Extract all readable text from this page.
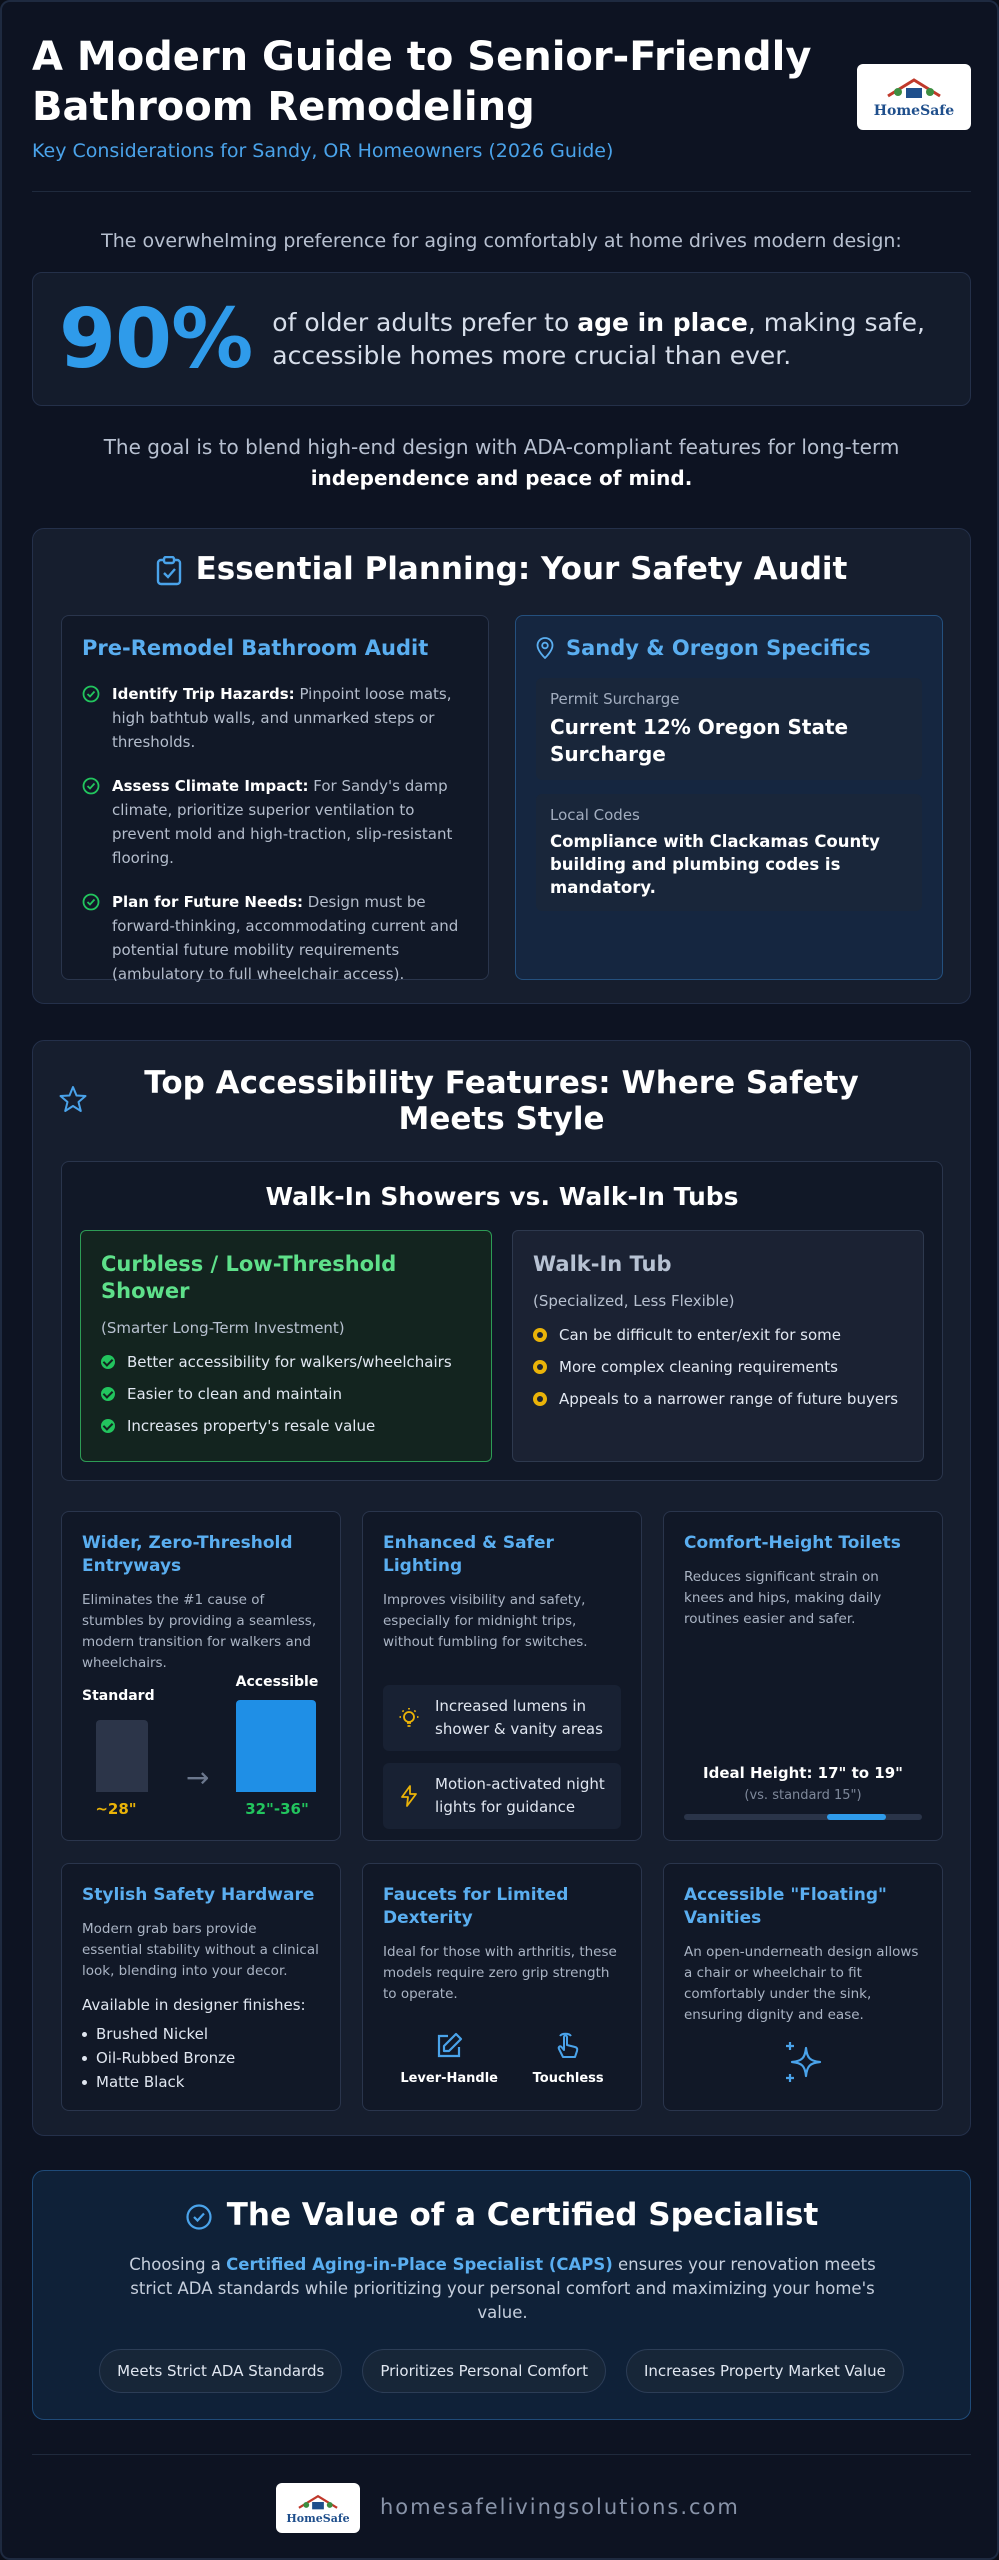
A Modern Guide to Senior-Friendly Bathroom Remodeling
Key Considerations for Sandy, OR Homeowners (2026 Guide)
HomeSafe
The overwhelming preference for aging comfortably at home drives modern design:
90% of older adults prefer to age in place, making safe, accessible homes more crucial than ever.
The goal is to blend high-end design with ADA-compliant features for long-term independence and peace of mind.
Essential Planning: Your Safety Audit
Pre-Remodel Bathroom Audit
Identify Trip Hazards: Pinpoint loose mats, high bathtub walls, and unmarked steps or thresholds.
Assess Climate Impact: For Sandy's damp climate, prioritize superior ventilation to prevent mold and high-traction, slip-resistant flooring.
Plan for Future Needs: Design must be forward-thinking, accommodating current and potential future mobility requirements (ambulatory to full wheelchair access).
Sandy & Oregon Specifics
Permit Surcharge
Current 12% Oregon State Surcharge
Local Codes
Compliance with Clackamas County building and plumbing codes is mandatory.
Top Accessibility Features: Where Safety Meets Style
Walk-In Showers vs. Walk-In Tubs
Curbless / Low-Threshold Shower
(Smarter Long-Term Investment)
Better accessibility for walkers/wheelchairs
Easier to clean and maintain
Increases property's resale value
Walk-In Tub
(Specialized, Less Flexible)
Can be difficult to enter/exit for some
More complex cleaning requirements
Appeals to a narrower range of future buyers
Wider, Zero-Threshold Entryways

Eliminates the #1 cause of stumbles by providing a seamless, modern transition for walkers and wheelchairs.

Standard
~28"
→
Accessible
32"-36"
Enhanced & Safer Lighting

Improves visibility and safety, especially for midnight trips, without fumbling for switches.

Increased lumens in shower & vanity areas
Motion-activated night lights for guidance
Comfort-Height Toilets

Reduces significant strain on knees and hips, making daily routines easier and safer.

Ideal Height: 17" to 19"
(vs. standard 15")
Stylish Safety Hardware

Modern grab bars provide essential stability without a clinical look, blending into your decor.

Available in designer finishes:
Brushed Nickel
Oil-Rubbed Bronze
Matte Black
Faucets for Limited Dexterity

Ideal for those with arthritis, these models require zero grip strength to operate.

Lever-Handle	Touchless
Accessible "Floating" Vanities

An open-underneath design allows a chair or wheelchair to fit comfortably under the sink, ensuring dignity and ease.

The Value of a Certified Specialist

Choosing a Certified Aging-in-Place Specialist (CAPS) ensures your renovation meets strict ADA standards while prioritizing your personal comfort and maximizing your home's value.

Meets Strict ADA Standards	Prioritizes Personal Comfort	Increases Property Market Value
HomeSafe homesafelivingsolutions.com
